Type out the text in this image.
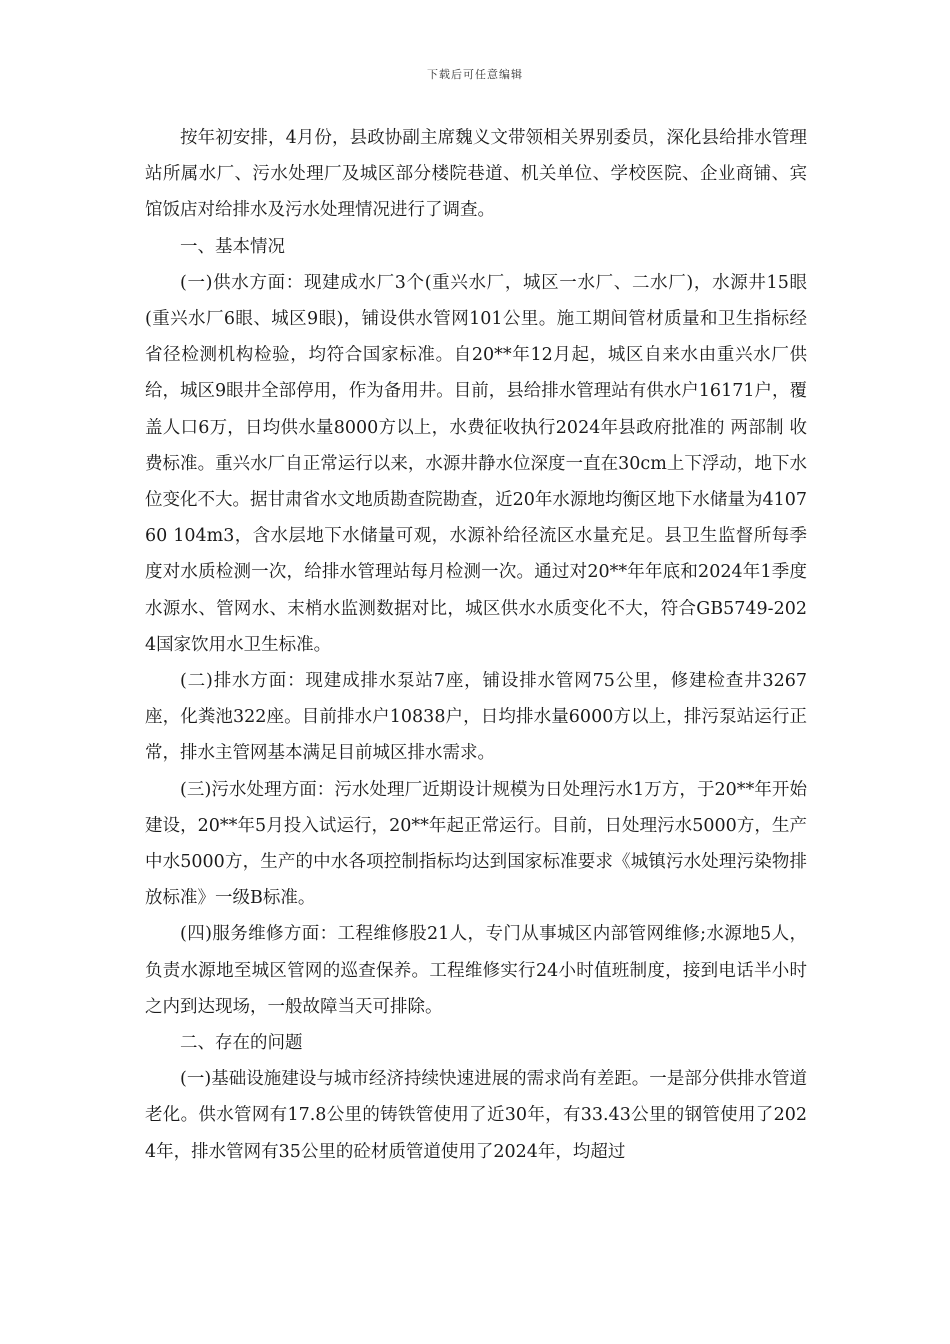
下载后可任意编辑

按年初安排，4月份，县政协副主席魏义文带领相关界别委员，深化县给排水管理站所属水厂、污水处理厂及城区部分楼院巷道、机关单位、学校医院、企业商铺、宾馆饭店对给排水及污水处理情况进行了调查。

一、基本情况

(一)供水方面：现建成水厂3个(重兴水厂，城区一水厂、二水厂)，水源井15眼(重兴水厂6眼、城区9眼)，铺设供水管网101公里。施工期间管材质量和卫生指标经省径检测机构检验，均符合国家标准。自20**年12月起，城区自来水由重兴水厂供给，城区9眼井全部停用，作为备用井。目前，县给排水管理站有供水户16171户，覆盖人口6万，日均供水量8000方以上，水费征收执行2024年县政府批准的 两部制 收费标准。重兴水厂自正常运行以来，水源井静水位深度一直在30cm上下浮动，地下水位变化不大。据甘肃省水文地质勘查院勘查，近20年水源地均衡区地下水储量为410760 104m3，含水层地下水储量可观，水源补给径流区水量充足。县卫生监督所每季度对水质检测一次，给排水管理站每月检测一次。通过对20**年年底和2024年1季度水源水、管网水、末梢水监测数据对比，城区供水水质变化不大，符合GB5749-2024国家饮用水卫生标准。

(二)排水方面：现建成排水泵站7座，铺设排水管网75公里，修建检查井3267座，化粪池322座。目前排水户10838户，日均排水量6000方以上，排污泵站运行正常，排水主管网基本满足目前城区排水需求。

(三)污水处理方面：污水处理厂近期设计规模为日处理污水1万方，于20**年开始建设，20**年5月投入试运行，20**年起正常运行。目前，日处理污水5000方，生产中水5000方，生产的中水各项控制指标均达到国家标准要求《城镇污水处理污染物排放标准》一级B标准。

(四)服务维修方面：工程维修股21人，专门从事城区内部管网维修;水源地5人，负责水源地至城区管网的巡查保养。工程维修实行24小时值班制度，接到电话半小时之内到达现场，一般故障当天可排除。

二、存在的问题

(一)基础设施建设与城市经济持续快速进展的需求尚有差距。一是部分供排水管道老化。供水管网有17.8公里的铸铁管使用了近30年，有33.43公里的钢管使用了2024年，排水管网有35公里的砼材质管道使用了2024年，均超过
